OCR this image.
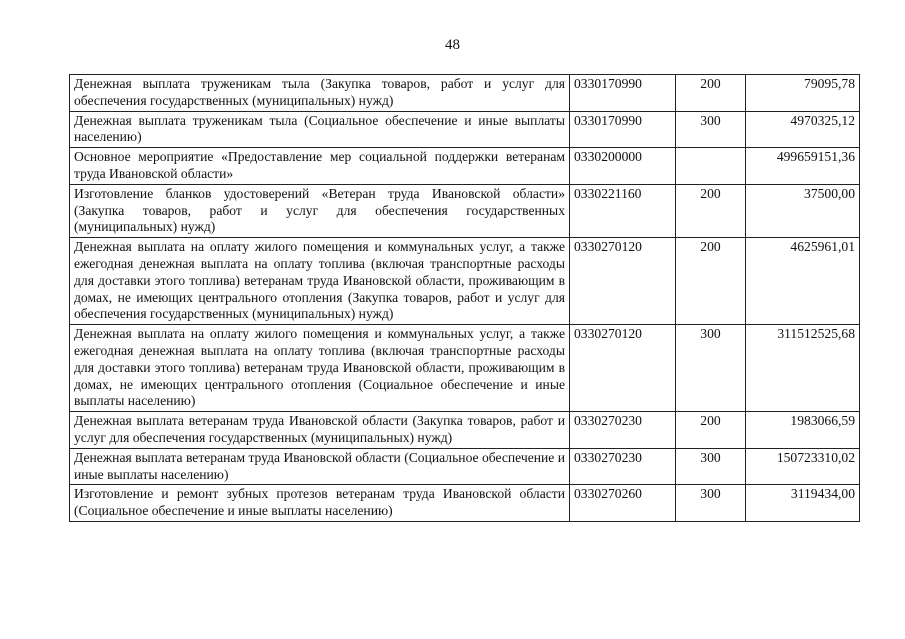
48
Денежная выплата труженикам тыла (Закупка товаров, работ и услуг для обеспечения государственных (муниципальных) нужд)	0330170990	200	79095,78
Денежная выплата труженикам тыла (Социальное обеспечение и иные выплаты населению)	0330170990	300	4970325,12
Основное мероприятие «Предоставление мер социальной поддержки ветеранам труда Ивановской области»	0330200000		499659151,36
Изготовление бланков удостоверений «Ветеран труда Ивановской области» (Закупка товаров, работ и услуг для обеспечения государственных (муниципальных) нужд)	0330221160	200	37500,00
Денежная выплата на оплату жилого помещения и коммунальных услуг, а также ежегодная денежная выплата на оплату топлива (включая транспортные расходы для доставки этого топлива) ветеранам труда Ивановской области, проживающим в домах, не имеющих центрального отопления (Закупка товаров, работ и услуг для обеспечения государственных (муниципальных) нужд)	0330270120	200	4625961,01
Денежная выплата на оплату жилого помещения и коммунальных услуг, а также ежегодная денежная выплата на оплату топлива (включая транспортные расходы для доставки этого топлива) ветеранам труда Ивановской области, проживающим в домах, не имеющих центрального отопления (Социальное обеспечение и иные выплаты населению)	0330270120	300	311512525,68
Денежная выплата ветеранам труда Ивановской области (Закупка товаров, работ и услуг для обеспечения государственных (муниципальных) нужд)	0330270230	200	1983066,59
Денежная выплата ветеранам труда Ивановской области (Социальное обеспечение и иные выплаты населению)	0330270230	300	150723310,02
Изготовление и ремонт зубных протезов ветеранам труда Ивановской области (Социальное обеспечение и иные выплаты населению)	0330270260	300	3119434,00
